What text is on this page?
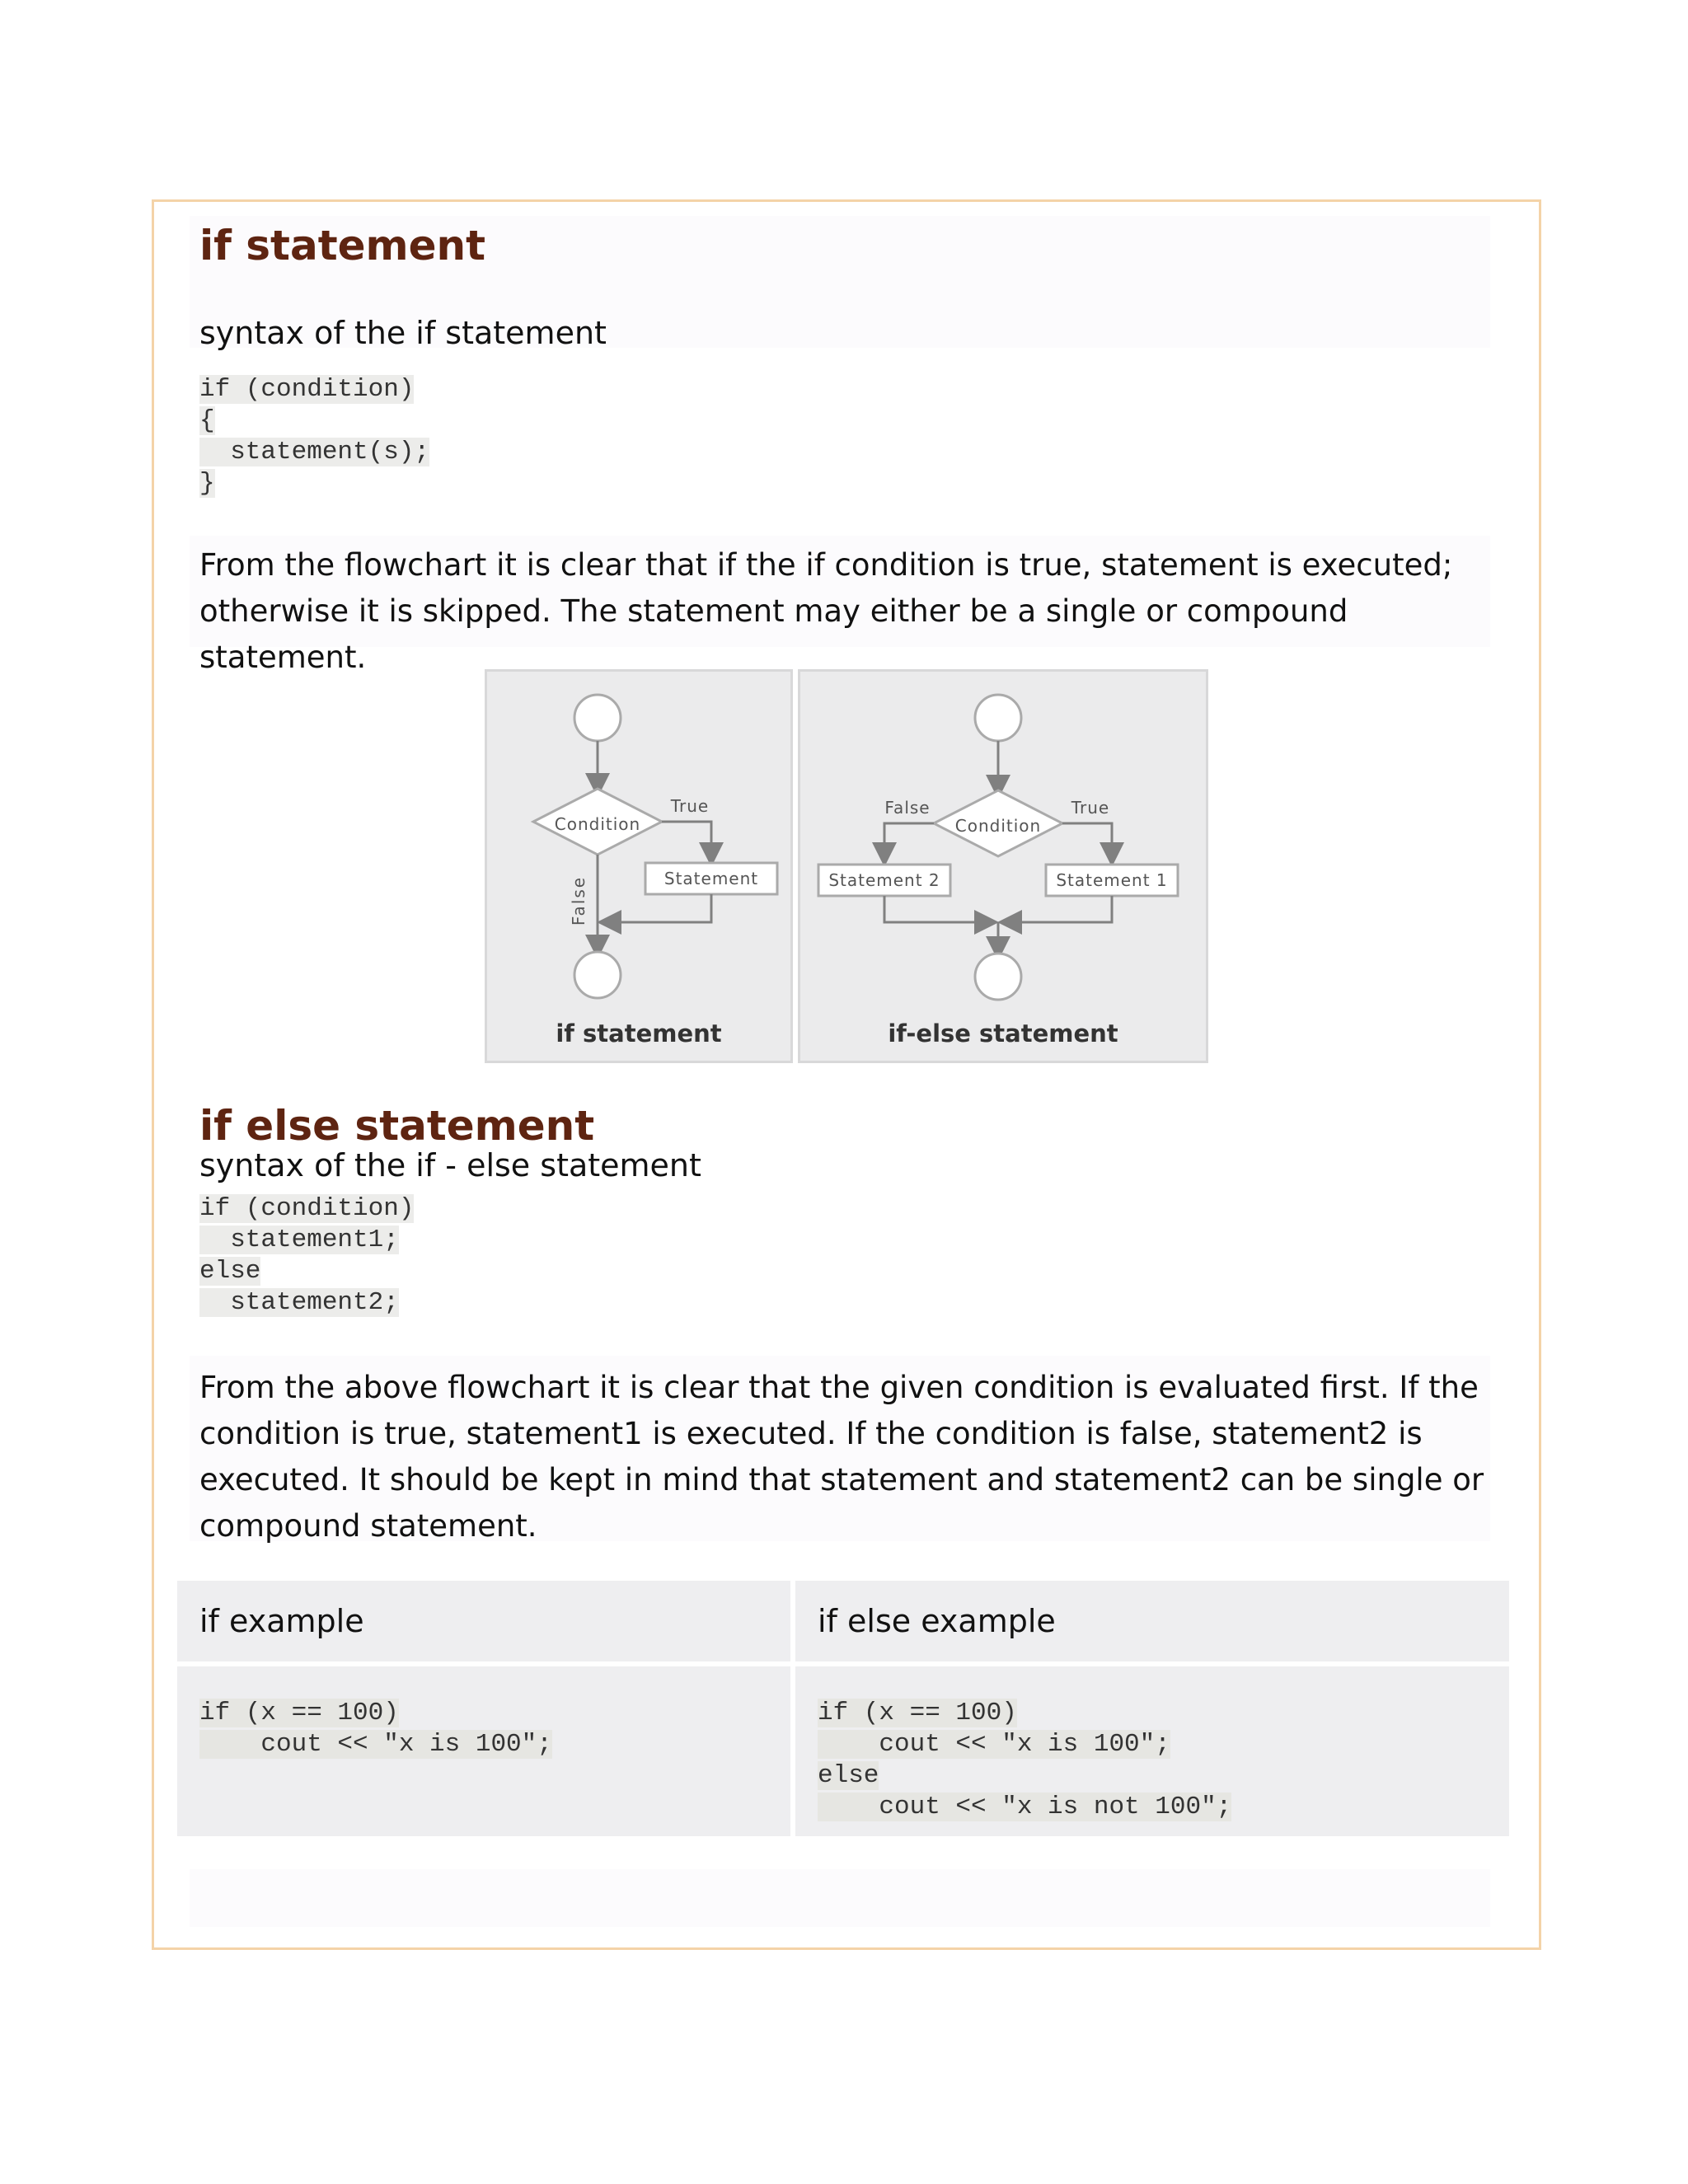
if statement
syntax of the if statement
if (condition)
{
statement(s);
}
From the flowchart it is clear that if the if condition is true, statement is executed; otherwise it is skipped. The statement may either be a single or compound statement.
Condition
True
Statement
False
if statement
Condition
True
False
Statement 2	Statement 1
if-else statement
if else statement
syntax of the if - else statement
if (condition)
statement1;
else
statement2;
From the above flowchart it is clear that the given condition is evaluated first. If the condition is true, statement1 is executed. If the condition is false, statement2 is executed. It should be kept in mind that statement and statement2 can be single or compound statement.
if example	if else example
if (x == 100)
cout << "x is 100";
if (x == 100)
cout << "x is 100";
else
cout << "x is not 100";
